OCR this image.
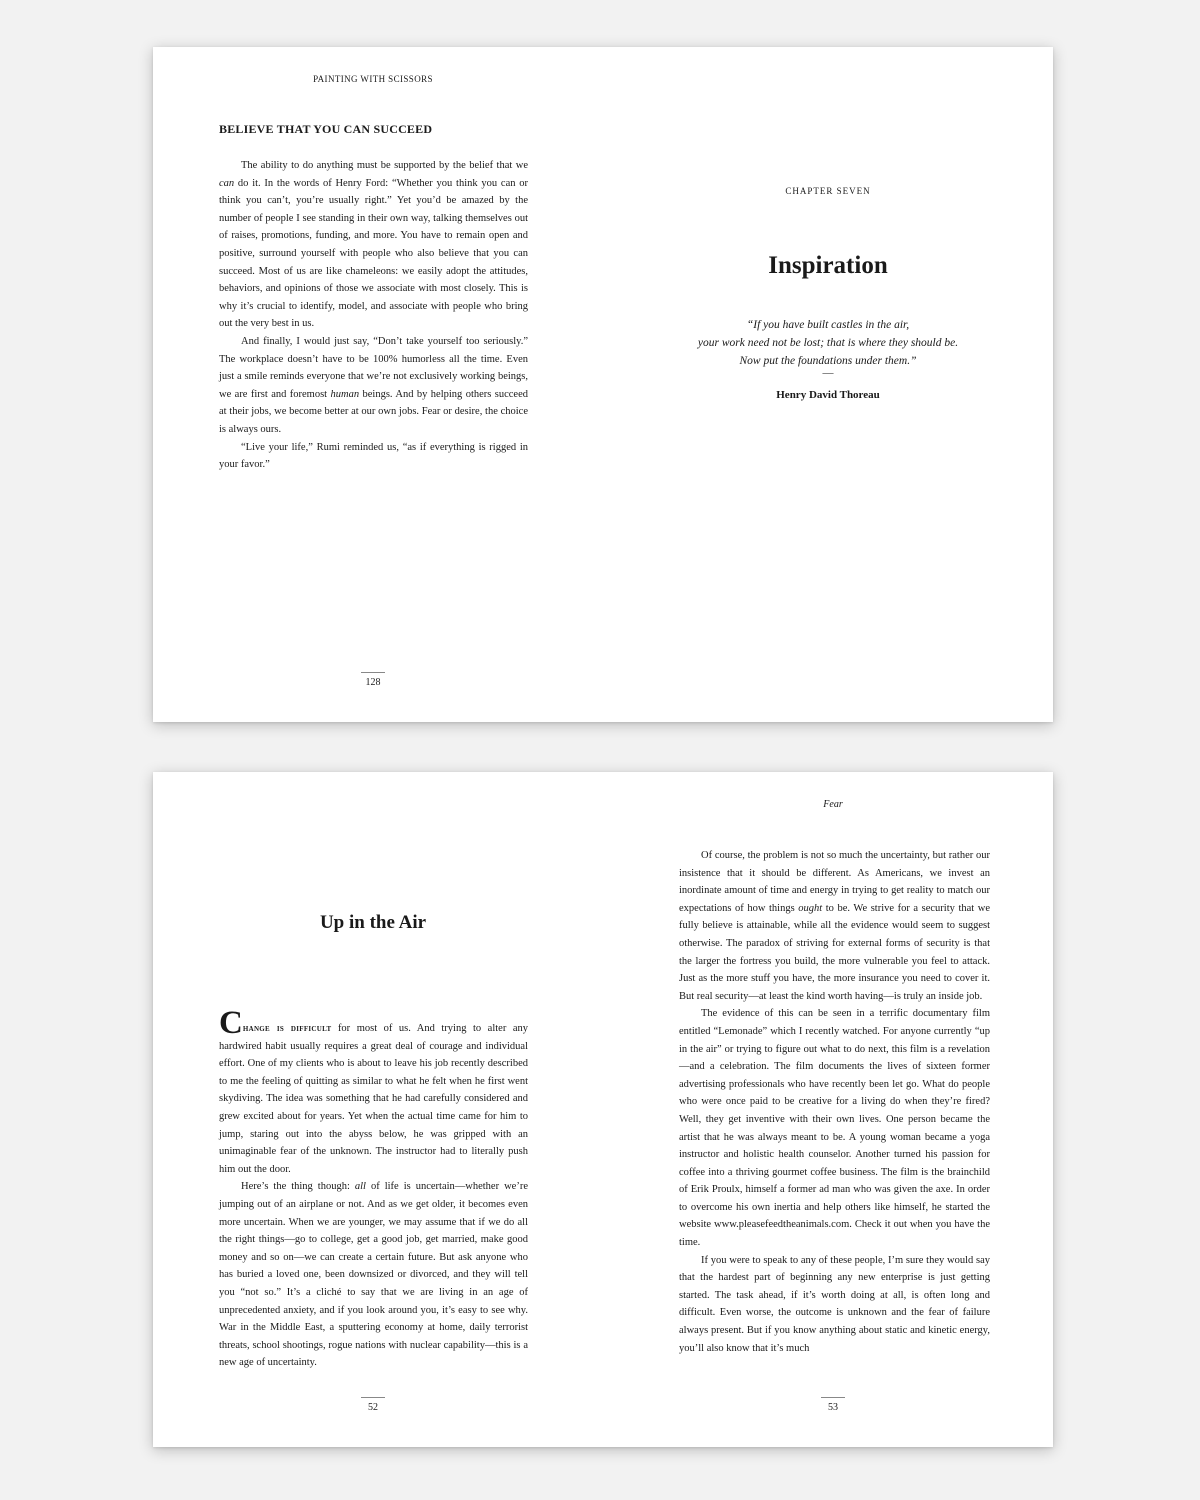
PAINTING WITH SCISSORS
BELIEVE THAT YOU CAN SUCCEED

The ability to do anything must be supported by the belief that we can do it. In the words of Henry Ford: “Whether you think you can or think you can’t, you’re usually right.” Yet you’d be amazed by the number of people I see standing in their own way, talking themselves out of raises, promotions, funding, and more. You have to remain open and positive, surround yourself with people who also believe that you can succeed. Most of us are like chameleons: we easily adopt the attitudes, behaviors, and opinions of those we associate with most closely. This is why it’s crucial to identify, model, and associate with people who bring out the very best in us.

And finally, I would just say, “Don’t take yourself too seriously.” The workplace doesn’t have to be 100% humorless all the time. Even just a smile reminds everyone that we’re not exclusively working beings, we are first and foremost human beings. And by helping others succeed at their jobs, we become better at our own jobs. Fear or desire, the choice is always ours.

“Live your life,” Rumi reminded us, “as if everything is rigged in your favor.”

128
CHAPTER SEVEN
Inspiration
“If you have built castles in the air,
your work need not be lost; that is where they should be.
Now put the foundations under them.”
—
Henry David Thoreau
Up in the Air

Change is difficult for most of us. And trying to alter any hardwired habit usually requires a great deal of courage and individual effort. One of my clients who is about to leave his job recently described to me the feeling of quitting as similar to what he felt when he first went skydiving. The idea was something that he had carefully considered and grew excited about for years. Yet when the actual time came for him to jump, staring out into the abyss below, he was gripped with an unimaginable fear of the unknown. The instructor had to literally push him out the door.

Here’s the thing though: all of life is uncertain—whether we’re jumping out of an airplane or not. And as we get older, it becomes even more uncertain. When we are younger, we may assume that if we do all the right things—go to college, get a good job, get married, make good money and so on—we can create a certain future. But ask anyone who has buried a loved one, been downsized or divorced, and they will tell you “not so.” It’s a cliché to say that we are living in an age of unprecedented anxiety, and if you look around you, it’s easy to see why. War in the Middle East, a sputtering economy at home, daily terrorist threats, school shootings, rogue nations with nuclear capability—this is a new age of uncertainty.

52
Fear

Of course, the problem is not so much the uncertainty, but rather our insistence that it should be different. As Americans, we invest an inordinate amount of time and energy in trying to get reality to match our expectations of how things ought to be. We strive for a security that we fully believe is attainable, while all the evidence would seem to suggest otherwise. The paradox of striving for external forms of security is that the larger the fortress you build, the more vulnerable you feel to attack. Just as the more stuff you have, the more insurance you need to cover it. But real security—at least the kind worth having—is truly an inside job.

The evidence of this can be seen in a terrific documentary film entitled “Lemonade” which I recently watched. For anyone currently “up in the air” or trying to figure out what to do next, this film is a revelation—and a celebration. The film documents the lives of sixteen former advertising professionals who have recently been let go. What do people who were once paid to be creative for a living do when they’re fired? Well, they get inventive with their own lives. One person became the artist that he was always meant to be. A young woman became a yoga instructor and holistic health counselor. Another turned his passion for coffee into a thriving gourmet coffee business. The film is the brainchild of Erik Proulx, himself a former ad man who was given the axe. In order to overcome his own inertia and help others like himself, he started the website www.pleasefeedtheanimals.com. Check it out when you have the time.

If you were to speak to any of these people, I’m sure they would say that the hardest part of beginning any new enterprise is just getting started. The task ahead, if it’s worth doing at all, is often long and difficult. Even worse, the outcome is unknown and the fear of failure always present. But if you know anything about static and kinetic energy, you’ll also know that it’s much

53
